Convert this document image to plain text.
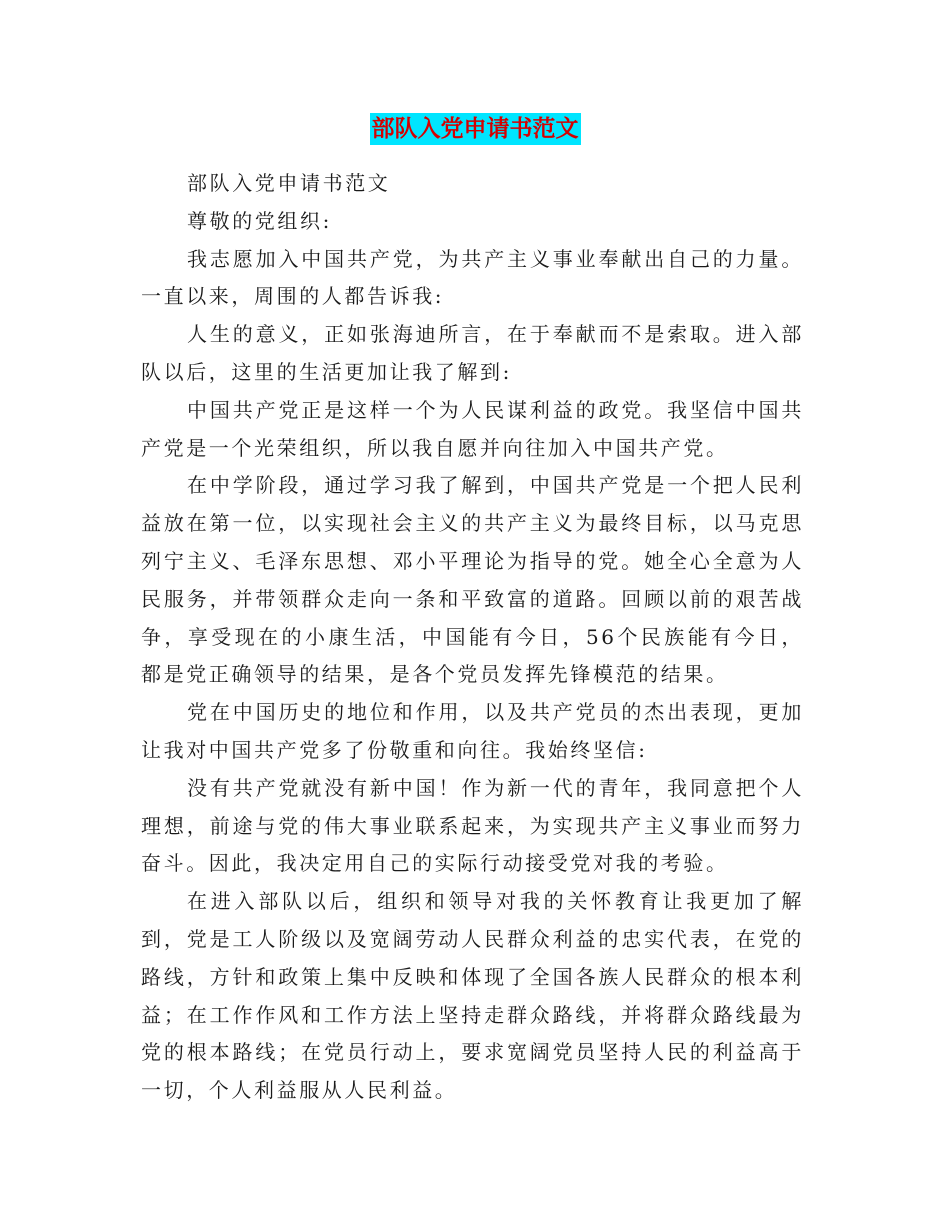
部队入党申请书范文

部队入党申请书范文

尊敬的党组织:

我志愿加入中国共产党，为共产主义事业奉献出自己的力量。一直以来，周围的人都告诉我:

人生的意义，正如张海迪所言，在于奉献而不是索取。进入部队以后，这里的生活更加让我了解到:

中国共产党正是这样一个为人民谋利益的政党。我坚信中国共产党是一个光荣组织，所以我自愿并向往加入中国共产党。

在中学阶段，通过学习我了解到，中国共产党是一个把人民利益放在第一位，以实现社会主义的共产主义为最终目标，以马克思列宁主义、毛泽东思想、邓小平理论为指导的党。她全心全意为人民服务，并带领群众走向一条和平致富的道路。回顾以前的艰苦战争，享受现在的小康生活，中国能有今日，56个民族能有今日，都是党正确领导的结果，是各个党员发挥先锋模范的结果。

党在中国历史的地位和作用，以及共产党员的杰出表现，更加让我对中国共产党多了份敬重和向往。我始终坚信:

没有共产党就没有新中国！作为新一代的青年，我同意把个人理想，前途与党的伟大事业联系起来，为实现共产主义事业而努力奋斗。因此，我决定用自己的实际行动接受党对我的考验。

在进入部队以后，组织和领导对我的关怀教育让我更加了解到，党是工人阶级以及宽阔劳动人民群众利益的忠实代表，在党的路线，方针和政策上集中反映和体现了全国各族人民群众的根本利益；在工作作风和工作方法上坚持走群众路线，并将群众路线最为党的根本路线；在党员行动上，要求宽阔党员坚持人民的利益高于一切，个人利益服从人民利益。
